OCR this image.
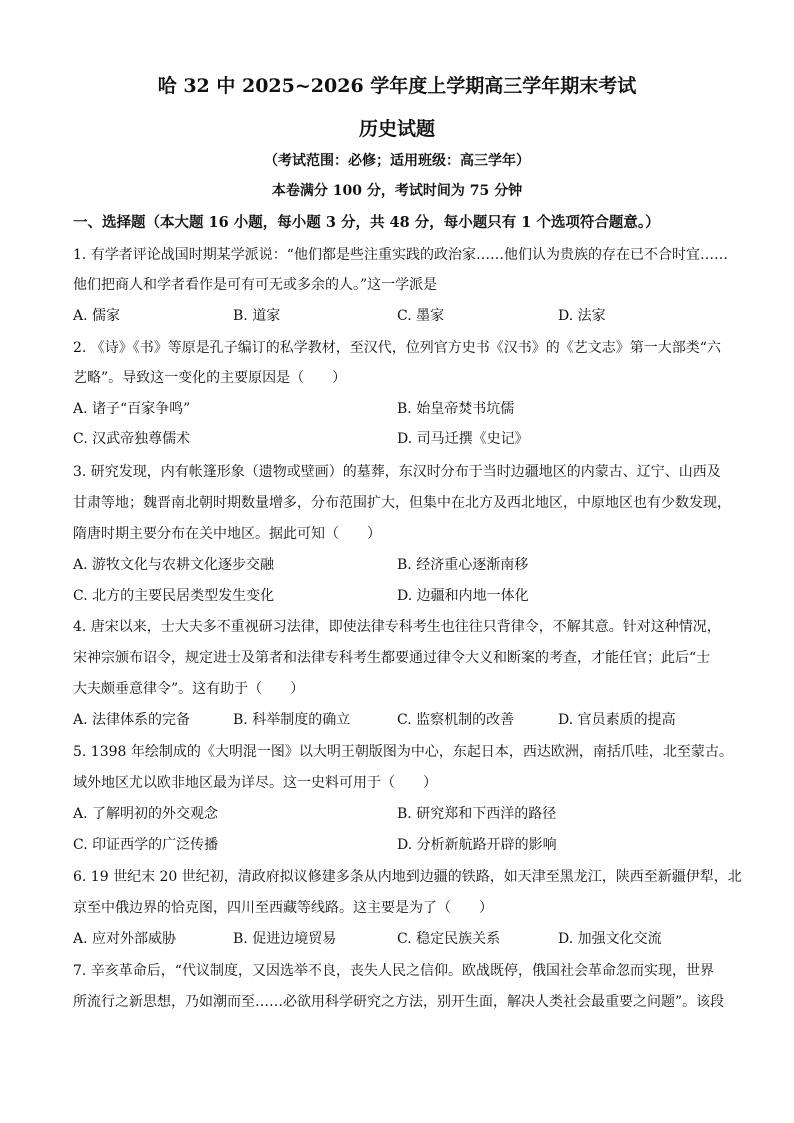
哈 32 中 2025~2026 学年度上学期高三学年期末考试
历史试题
（考试范围：必修；适用班级：高三学年）
本卷满分 100 分，考试时间为 75 分钟
一、选择题（本大题 16 小题，每小题 3 分，共 48 分，每小题只有 1 个选项符合题意。）
1. 有学者评论战国时期某学派说：“他们都是些注重实践的政治家……他们认为贵族的存在已不合时宜……
他们把商人和学者看作是可有可无或多余的人。”这一学派是
A. 儒家	B. 道家	C. 墨家	D. 法家
2. 《诗》《书》等原是孔子编订的私学教材，至汉代，位列官方史书《汉书》的《艺文志》第一大部类“六
艺略”。导致这一变化的主要原因是（　　）
A. 诸子“百家争鸣”	B. 始皇帝焚书坑儒
C. 汉武帝独尊儒术	D. 司马迁撰《史记》
3. 研究发现，内有帐篷形象（遗物或壁画）的墓葬，东汉时分布于当时边疆地区的内蒙古、辽宁、山西及
甘肃等地；魏晋南北朝时期数量增多，分布范围扩大，但集中在北方及西北地区，中原地区也有少数发现，
隋唐时期主要分布在关中地区。据此可知（　　）
A. 游牧文化与农耕文化逐步交融	B. 经济重心逐渐南移
C. 北方的主要民居类型发生变化	D. 边疆和内地一体化
4. 唐宋以来，士大夫多不重视研习法律，即使法律专科考生也往往只背律令，不解其意。针对这种情况，
宋神宗颁布诏令，规定进士及第者和法律专科考生都要通过律令大义和断案的考查，才能任官；此后“士
大夫颇垂意律令”。这有助于（　　）
A. 法律体系的完备	B. 科举制度的确立	C. 监察机制的改善	D. 官员素质的提高
5. 1398 年绘制成的《大明混一图》以大明王朝版图为中心，东起日本，西达欧洲，南括爪哇，北至蒙古。
域外地区尤以欧非地区最为详尽。这一史料可用于（　　）
A. 了解明初的外交观念	B. 研究郑和下西洋的路径
C. 印证西学的广泛传播	D. 分析新航路开辟的影响
6. 19 世纪末 20 世纪初，清政府拟议修建多条从内地到边疆的铁路，如天津至黑龙江，陕西至新疆伊犁，北
京至中俄边界的恰克图，四川至西藏等线路。这主要是为了（　　）
A. 应对外部威胁	B. 促进边境贸易	C. 稳定民族关系	D. 加强文化交流
7. 辛亥革命后，“代议制度，又因选举不良，丧失人民之信仰。欧战既停，俄国社会革命忽而实现，世界
所流行之新思想，乃如潮而至……必欲用科学研究之方法，别开生面，解决人类社会最重要之问题”。该段
